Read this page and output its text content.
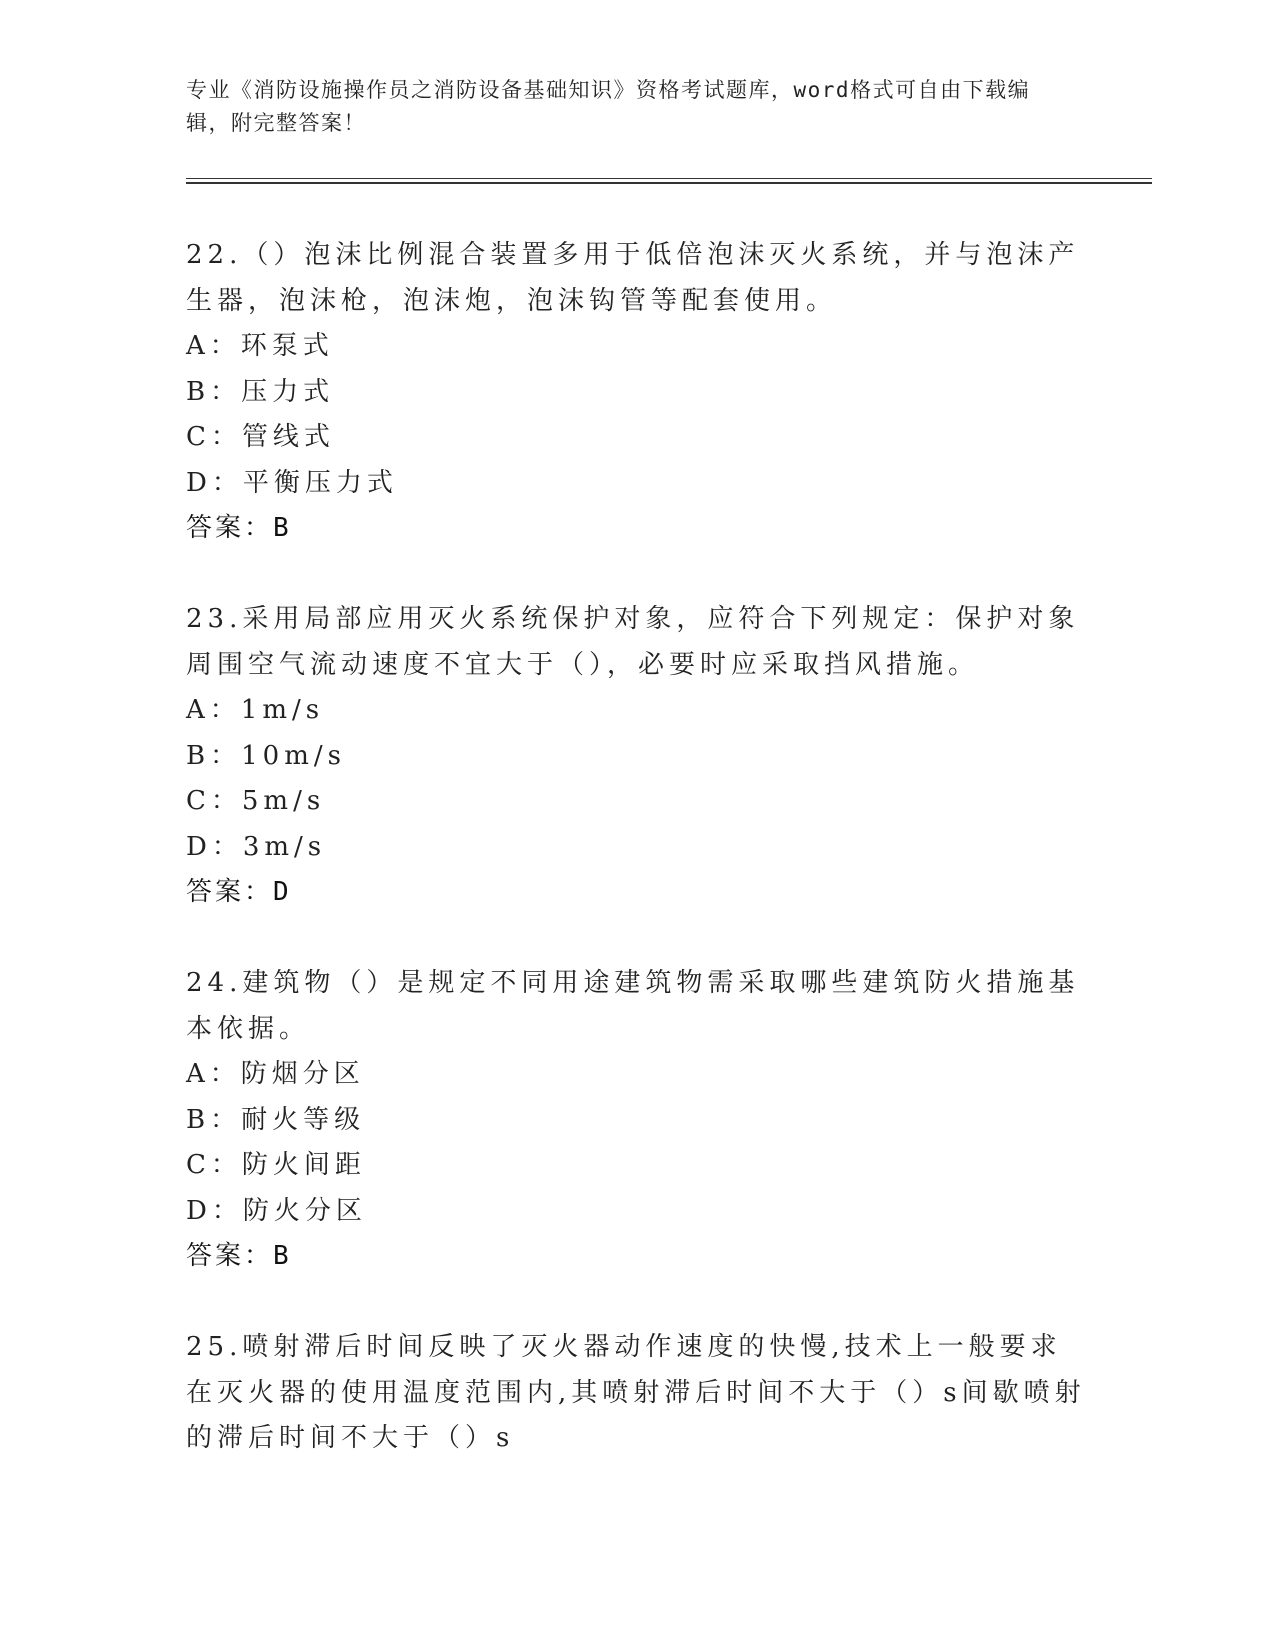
专业《消防设施操作员之消防设备基础知识》资格考试题库，word格式可自由下载编辑，附完整答案！
22.（）泡沫比例混合装置多用于低倍泡沫灭火系统，并与泡沫产生器，泡沫枪，泡沫炮，泡沫钩管等配套使用。
A：环泵式
B：压力式
C：管线式
D：平衡压力式
答案：B
23.采用局部应用灭火系统保护对象，应符合下列规定：保护对象周围空气流动速度不宜大于（），必要时应采取挡风措施。
A：1m/s
B：10m/s
C：5m/s
D：3m/s
答案：D
24.建筑物（）是规定不同用途建筑物需采取哪些建筑防火措施基本依据。
A：防烟分区
B：耐火等级
C：防火间距
D：防火分区
答案：B
25.喷射滞后时间反映了灭火器动作速度的快慢,技术上一般要求在灭火器的使用温度范围内,其喷射滞后时间不大于（）s间歇喷射的滞后时间不大于（）s
